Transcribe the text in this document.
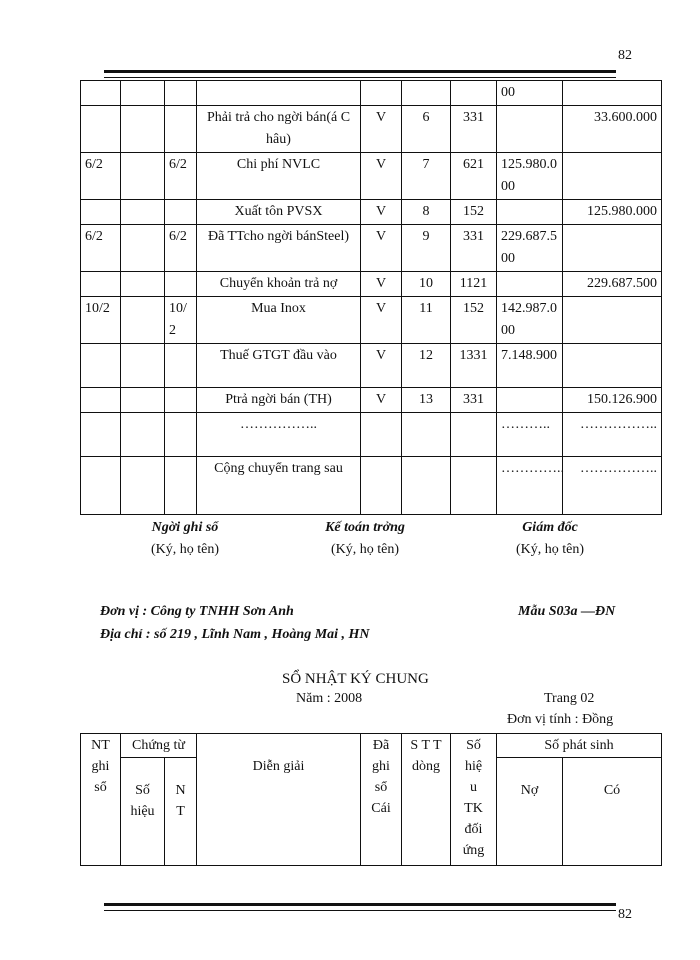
82
							00	
			Phải trả cho ngời bán(á Châu)	V	6	331		33.600.000
6/2		6/2	Chi phí NVLC	V	7	621	125.980.000	
			Xuất tôn PVSX	V	8	152		125.980.000
6/2		6/2	Đã TTcho ngời bánSteel)	V	9	331	229.687.500	
			Chuyển khoản trả nợ	V	10	1121		229.687.500
10/2		10/2	Mua Inox	V	11	152	142.987.000	
			Thuế GTGT đầu vào	V	12	1331	7.148.900	
			Ptrả ngời bán (TH)	V	13	331		150.126.900
			……………..				………..	……………..
			Cộng chuyển trang sau				…………..	……………..
Ngời ghi sổ
(Ký, họ tên)
Kế toán trởng
(Ký, họ tên)
Giám đốc
(Ký, họ tên)
Đơn vị : Công ty TNHH Sơn Anh	Mẫu S03a —ĐN
Địa chỉ : số 219 , Lĩnh Nam , Hoàng Mai , HN
SỔ NHẬT KÝ CHUNG
Năm : 2008	Trang 02
Đơn vị tính : Đồng
NT ghi sổ	Chứng từ		Diễn giải	Đã ghi sổ Cái	S T T dòng	Số hiệ u TK đối ứng	Số phát sinh	
	Số hiệu	N T					Nợ	Có
82
